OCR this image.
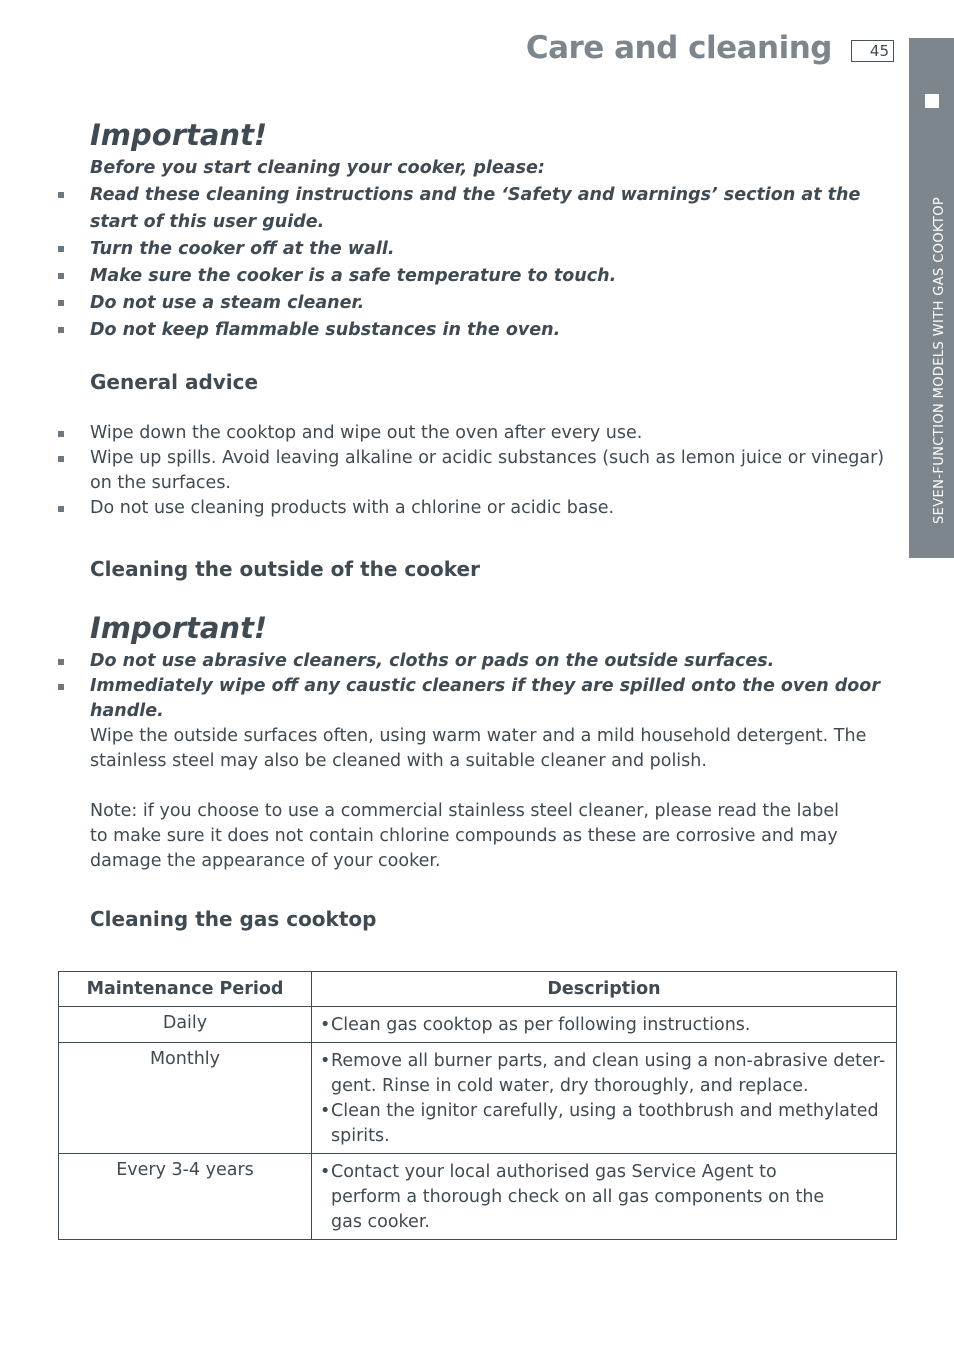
Care and cleaning	45
SEVEN-FUNCTION MODELS WITH GAS COOKTOP
Important!
Before you start cleaning your cooker, please:
Read these cleaning instructions and the ‘Safety and warnings’ section at the start of this user guide.
Turn the cooker off at the wall.
Make sure the cooker is a safe temperature to touch.
Do not use a steam cleaner.
Do not keep flammable substances in the oven.
General advice
Wipe down the cooktop and wipe out the oven after every use.
Wipe up spills. Avoid leaving alkaline or acidic substances (such as lemon juice or vinegar) on the surfaces.
Do not use cleaning products with a chlorine or acidic base.
Cleaning the outside of the cooker
Important!
Do not use abrasive cleaners, cloths or pads on the outside surfaces.
Immediately wipe off any caustic cleaners if they are spilled onto the oven door handle.

Wipe the outside surfaces often, using warm water and a mild household detergent. The stainless steel may also be cleaned with a suitable cleaner and polish.

Note: if you choose to use a commercial stainless steel cleaner, please read the label to make sure it does not contain chlorine compounds as these are corrosive and may damage the appearance of your cooker.

Cleaning the gas cooktop
Maintenance Period	Description
Daily	• Clean gas cooktop as per following instructions.

Monthly	• Remove all burner parts, and clean using a non-abrasive deter- gent. Rinse in cold water, dry thoroughly, and replace.
• Clean the ignitor carefully, using a toothbrush and methylated spirits.

Every 3-4 years	• Contact your local authorised gas Service Agent to perform a thorough check on all gas components on the gas cooker.
